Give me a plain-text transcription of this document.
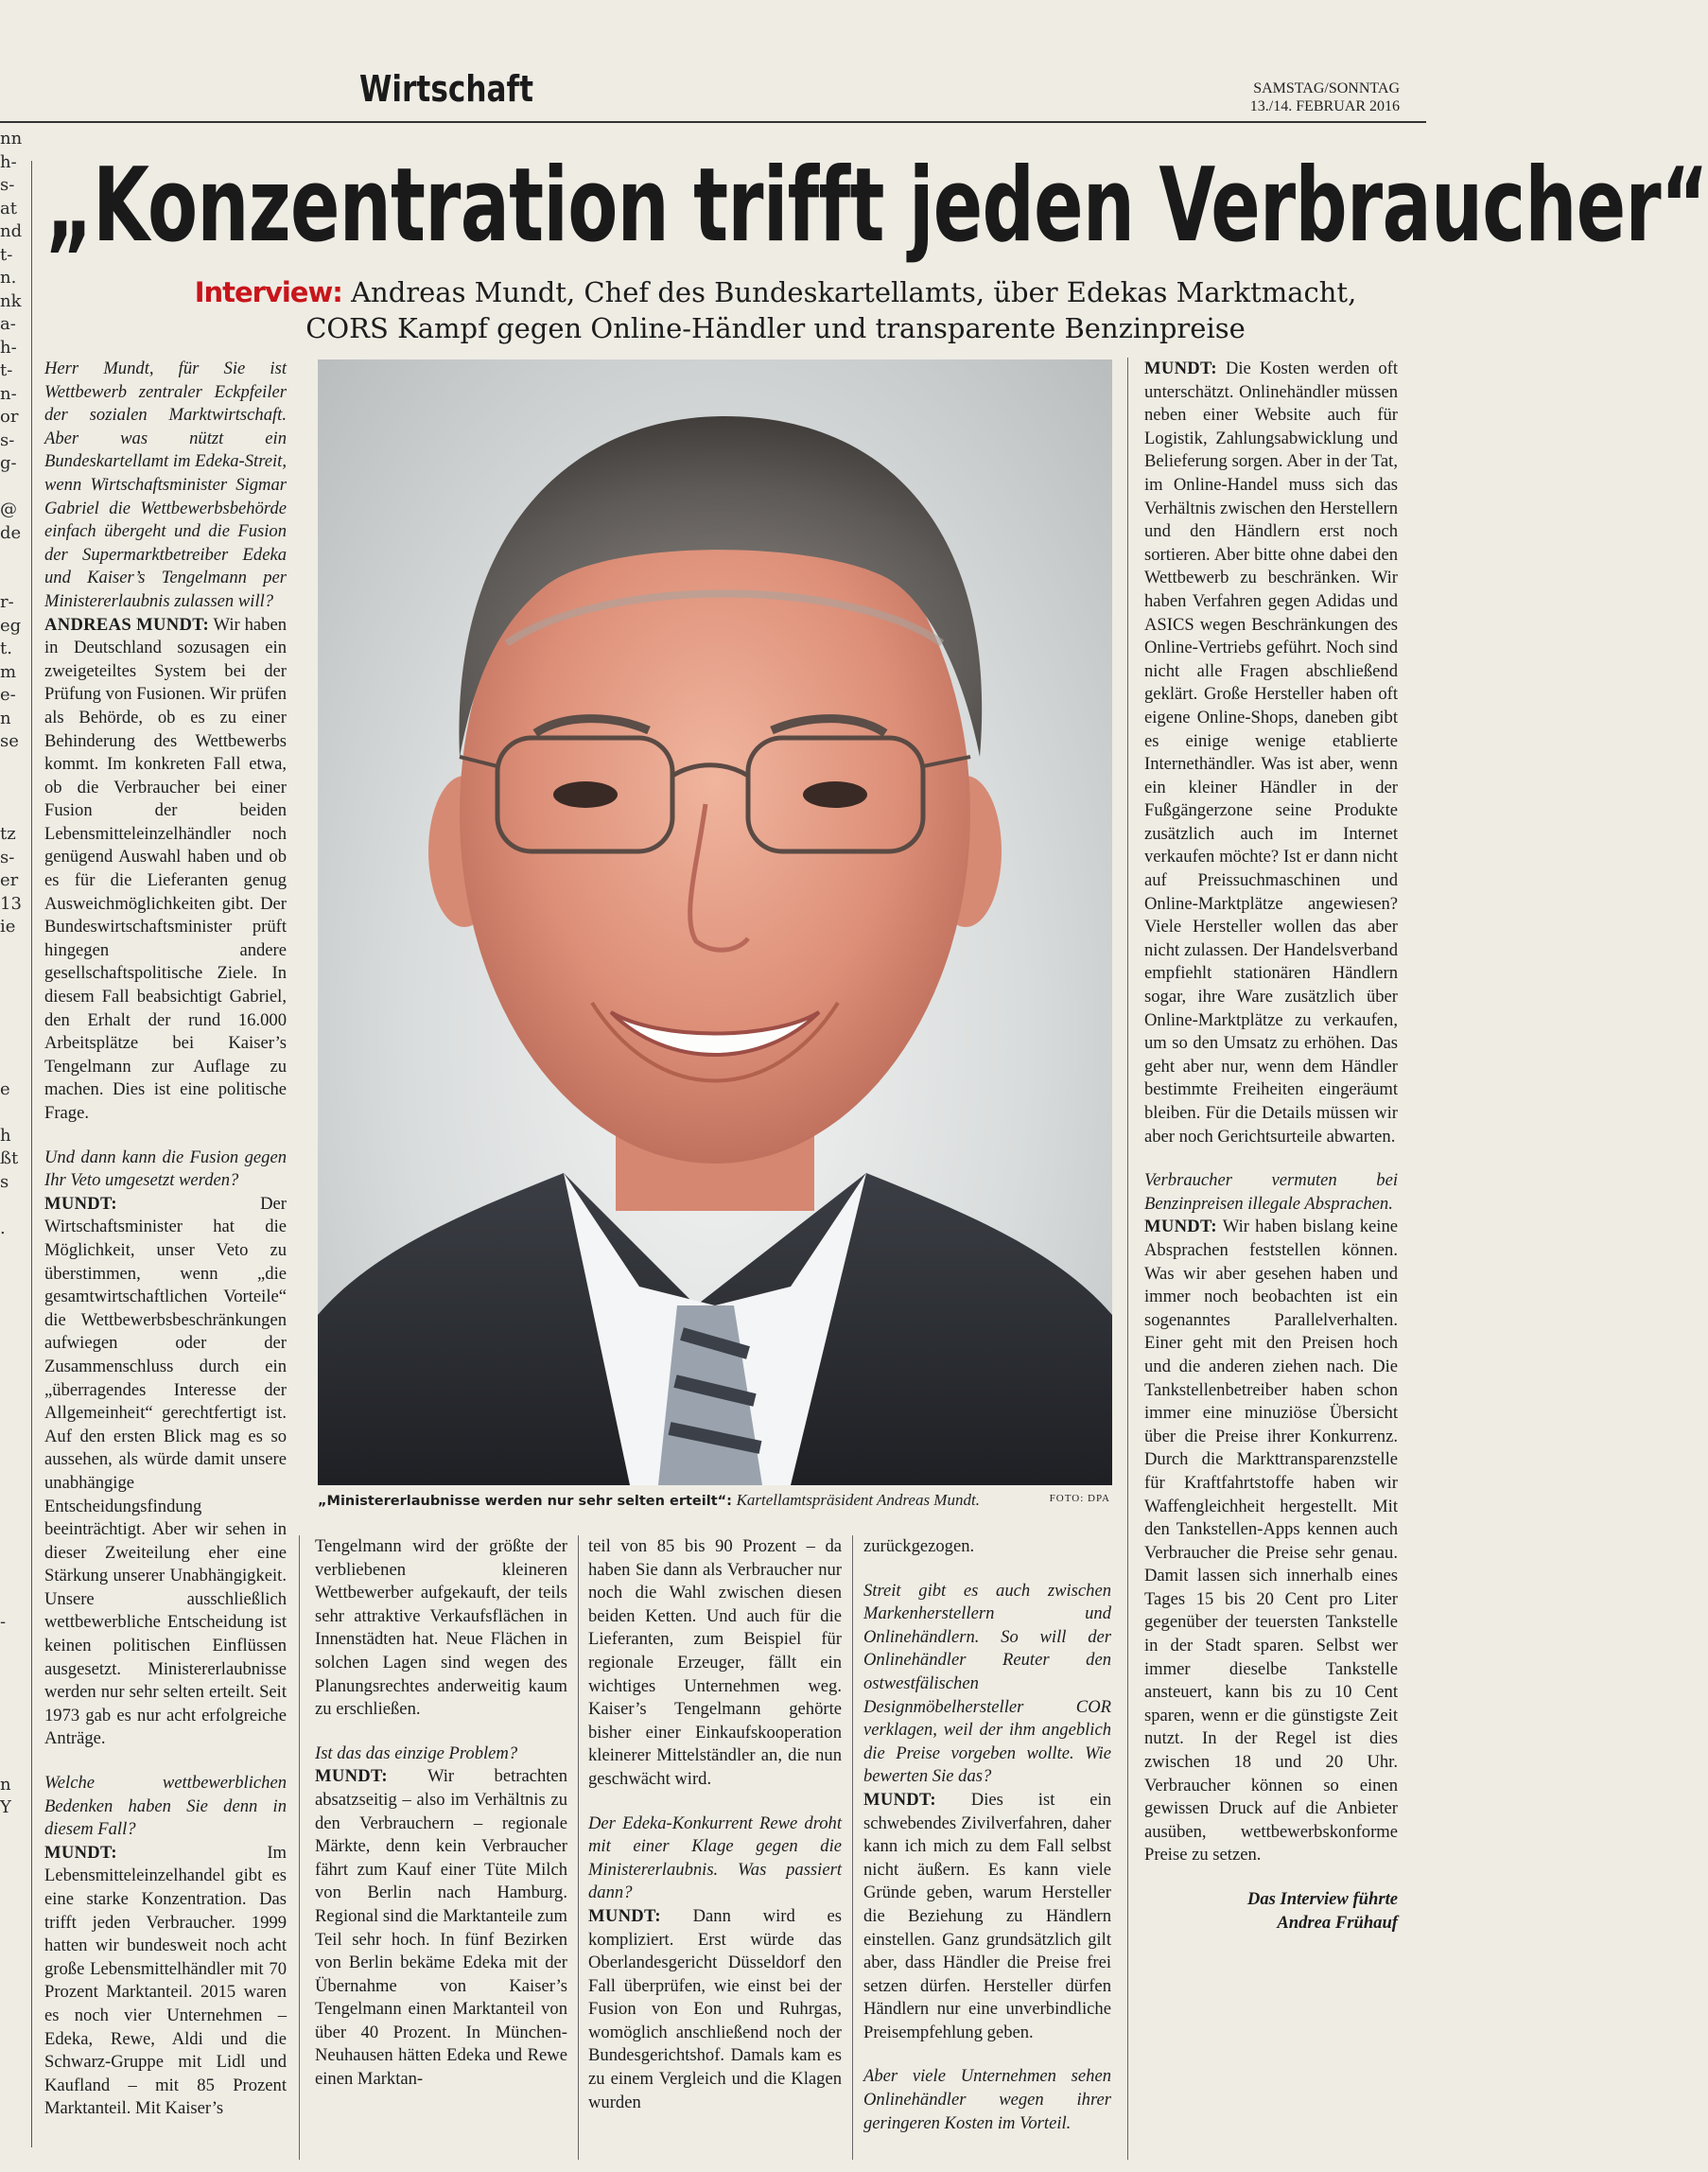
Wirtschaft	SAMSTAG/SONNTAG
13./14. FEBRUAR 2016
nn
h-
s-
at
nd
t-
n.
nk
a-
h-
t-
n-
or
s-
g-

@
de

r-
eg
t.
m
e-
n
se

tz
s-
er
13
ie

e

h
ßt
s

.

-

n
Y
„Konzentration trifft jeden Verbraucher“
Interview: Andreas Mundt, Chef des Bundeskartellamts, über Edekas Marktmacht, CORS Kampf gegen Online-Händler und transparente Benzinpreise
„Ministererlaubnisse werden nur sehr selten erteilt“: Kartellamtspräsident Andreas Mundt.	FOTO: DPA

Herr Mundt, für Sie ist Wettbewerb zentraler Eckpfeiler der sozialen Marktwirtschaft. Aber was nützt ein Bundeskartellamt im Edeka-Streit, wenn Wirtschaftsminister Sigmar Gabriel die Wettbewerbsbehörde einfach übergeht und die Fusion der Supermarktbetreiber Edeka und Kaiser’s Tengelmann per Ministererlaubnis zulassen will?

ANDREAS MUNDT: Wir haben in Deutschland sozusagen ein zweigeteiltes System bei der Prüfung von Fusionen. Wir prüfen als Behörde, ob es zu einer Behinderung des Wettbewerbs kommt. Im konkreten Fall etwa, ob die Verbraucher bei einer Fusion der beiden Lebensmitteleinzelhändler noch genügend Auswahl haben und ob es für die Lieferanten genug Ausweichmöglichkeiten gibt. Der Bundeswirtschaftsminister prüft hingegen andere gesellschaftspolitische Ziele. In diesem Fall beabsichtigt Gabriel, den Erhalt der rund 16.000 Arbeitsplätze bei Kaiser’s Tengelmann zur Auflage zu machen. Dies ist eine politische Frage.

Und dann kann die Fusion gegen Ihr Veto umgesetzt werden?

MUNDT: Der Wirtschaftsminister hat die Möglichkeit, unser Veto zu überstimmen, wenn „die gesamtwirtschaftlichen Vorteile“ die Wettbewerbsbeschränkungen aufwiegen oder der Zusammenschluss durch ein „überragendes Interesse der Allgemeinheit“ gerechtfertigt ist. Auf den ersten Blick mag es so aussehen, als würde damit unsere unabhängige Entscheidungsfindung beeinträchtigt. Aber wir sehen in dieser Zweiteilung eher eine Stärkung unserer Unabhängigkeit. Unsere ausschließlich wettbewerbliche Entscheidung ist keinen politischen Einflüssen ausgesetzt. Ministererlaubnisse werden nur sehr selten erteilt. Seit 1973 gab es nur acht erfolgreiche Anträge.

Welche wettbewerblichen Bedenken haben Sie denn in diesem Fall?

MUNDT: Im Lebensmitteleinzelhandel gibt es eine starke Konzentration. Das trifft jeden Verbraucher. 1999 hatten wir bundesweit noch acht große Lebensmittelhändler mit 70 Prozent Marktanteil. 2015 waren es noch vier Unternehmen – Edeka, Rewe, Aldi und die Schwarz-Gruppe mit Lidl und Kaufland – mit 85 Prozent Marktanteil. Mit Kaiser’s

Tengelmann wird der größte der verbliebenen kleineren Wettbewerber aufgekauft, der teils sehr attraktive Verkaufsflächen in Innenstädten hat. Neue Flächen in solchen Lagen sind wegen des Planungsrechtes anderweitig kaum zu erschließen.

Ist das das einzige Problem?

MUNDT: Wir betrachten absatzseitig – also im Verhältnis zu den Verbrauchern – regionale Märkte, denn kein Verbraucher fährt zum Kauf einer Tüte Milch von Berlin nach Hamburg. Regional sind die Marktanteile zum Teil sehr hoch. In fünf Bezirken von Berlin bekäme Edeka mit der Übernahme von Kaiser’s Tengelmann einen Marktanteil von über 40 Prozent. In München-Neuhausen hätten Edeka und Rewe einen Marktan-

teil von 85 bis 90 Prozent – da haben Sie dann als Verbraucher nur noch die Wahl zwischen diesen beiden Ketten. Und auch für die Lieferanten, zum Beispiel für regionale Erzeuger, fällt ein wichtiges Unternehmen weg. Kaiser’s Tengelmann gehörte bisher einer Einkaufskooperation kleinerer Mittelständler an, die nun geschwächt wird.

Der Edeka-Konkurrent Rewe droht mit einer Klage gegen die Ministererlaubnis. Was passiert dann?

MUNDT: Dann wird es kompliziert. Erst würde das Oberlandesgericht Düsseldorf den Fall überprüfen, wie einst bei der Fusion von Eon und Ruhrgas, womöglich anschließend noch der Bundesgerichtshof. Damals kam es zu einem Vergleich und die Klagen wurden

zurückgezogen.

Streit gibt es auch zwischen Markenherstellern und Onlinehändlern. So will der Onlinehändler Reuter den ostwestfälischen Designmöbelhersteller COR verklagen, weil der ihm angeblich die Preise vorgeben wollte. Wie bewerten Sie das?

MUNDT: Dies ist ein schwebendes Zivilverfahren, daher kann ich mich zu dem Fall selbst nicht äußern. Es kann viele Gründe geben, warum Hersteller die Beziehung zu Händlern einstellen. Ganz grundsätzlich gilt aber, dass Händler die Preise frei setzen dürfen. Hersteller dürfen Händlern nur eine unverbindliche Preisempfehlung geben.

Aber viele Unternehmen sehen Onlinehändler wegen ihrer geringeren Kosten im Vorteil.

MUNDT: Die Kosten werden oft unterschätzt. Onlinehändler müssen neben einer Website auch für Logistik, Zahlungsabwicklung und Belieferung sorgen. Aber in der Tat, im Online-Handel muss sich das Verhältnis zwischen den Herstellern und den Händlern erst noch sortieren. Aber bitte ohne dabei den Wettbewerb zu beschränken. Wir haben Verfahren gegen Adidas und ASICS wegen Beschränkungen des Online-Vertriebs geführt. Noch sind nicht alle Fragen abschließend geklärt. Große Hersteller haben oft eigene Online-Shops, daneben gibt es einige wenige etablierte Internethändler. Was ist aber, wenn ein kleiner Händler in der Fußgängerzone seine Produkte zusätzlich auch im Internet verkaufen möchte? Ist er dann nicht auf Preissuchmaschinen und Online-Marktplätze angewiesen? Viele Hersteller wollen das aber nicht zulassen. Der Handelsverband empfiehlt stationären Händlern sogar, ihre Ware zusätzlich über Online-Marktplätze zu verkaufen, um so den Umsatz zu erhöhen. Das geht aber nur, wenn dem Händler bestimmte Freiheiten eingeräumt bleiben. Für die Details müssen wir aber noch Gerichtsurteile abwarten.

Verbraucher vermuten bei Benzinpreisen illegale Absprachen.

MUNDT: Wir haben bislang keine Absprachen feststellen können. Was wir aber gesehen haben und immer noch beobachten ist ein sogenanntes Parallelverhalten. Einer geht mit den Preisen hoch und die anderen ziehen nach. Die Tankstellenbetreiber haben schon immer eine minuziöse Übersicht über die Preise ihrer Konkurrenz. Durch die Markttransparenzstelle für Kraftfahrtstoffe haben wir Waffengleichheit hergestellt. Mit den Tankstellen-Apps kennen auch Verbraucher die Preise sehr genau. Damit lassen sich innerhalb eines Tages 15 bis 20 Cent pro Liter gegenüber der teuersten Tankstelle in der Stadt sparen. Selbst wer immer dieselbe Tankstelle ansteuert, kann bis zu 10 Cent sparen, wenn er die günstigste Zeit nutzt. In der Regel ist dies zwischen 18 und 20 Uhr. Verbraucher können so einen gewissen Druck auf die Anbieter ausüben, wettbewerbskonforme Preise zu setzen.

Das Interview führte
Andrea Frühauf
